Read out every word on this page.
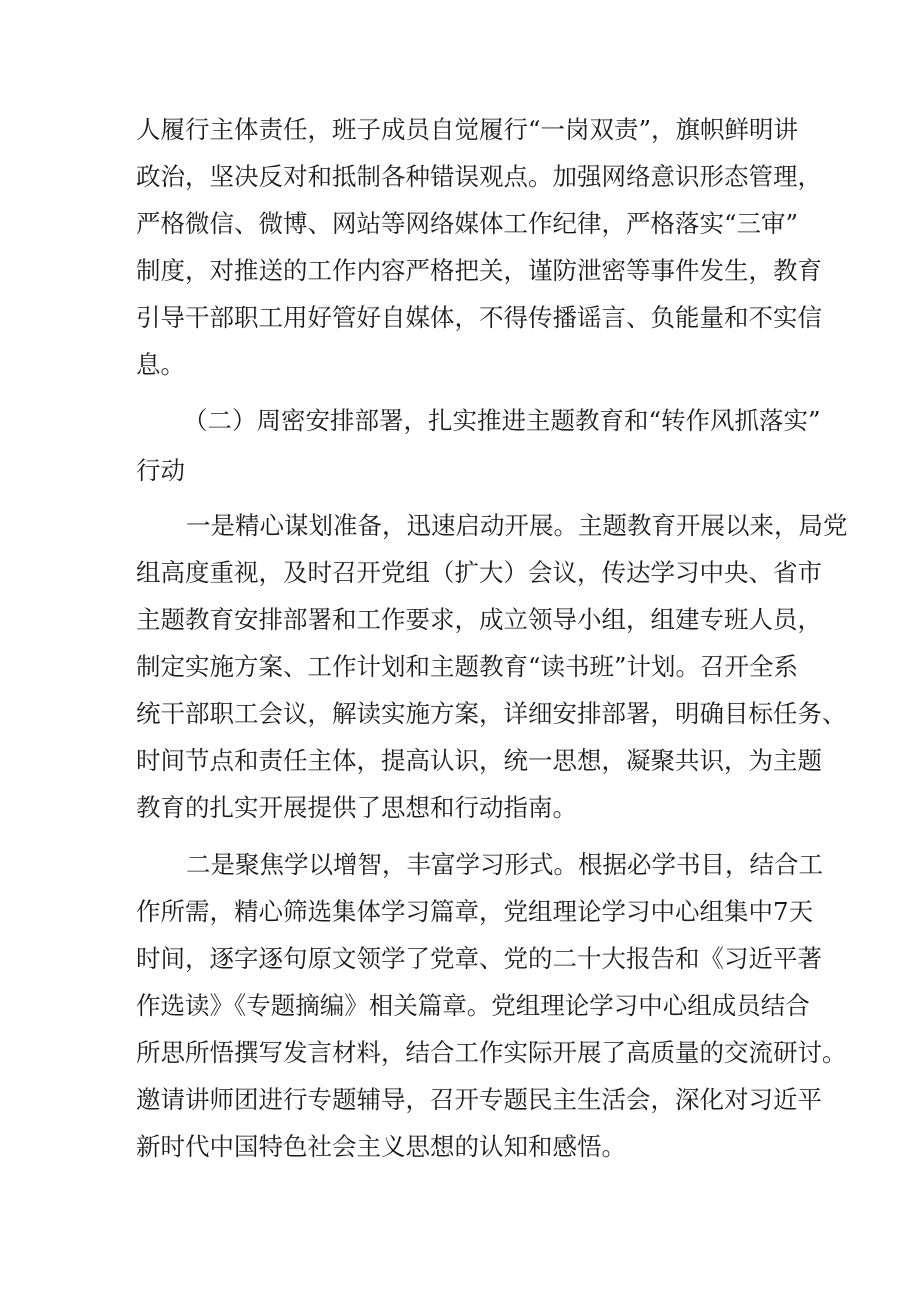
人履行主体责任，班子成员自觉履行“一岗双责”，旗帜鲜明讲
政治，坚决反对和抵制各种错误观点。加强网络意识形态管理，
严格微信、微博、网站等网络媒体工作纪律，严格落实“三审”
制度，对推送的工作内容严格把关，谨防泄密等事件发生，教育
引导干部职工用好管好自媒体，不得传播谣言、负能量和不实信
息。
（二）周密安排部署，扎实推进主题教育和“转作风抓落实”
行动
一是精心谋划准备，迅速启动开展。主题教育开展以来，局党
组高度重视，及时召开党组（扩大）会议，传达学习中央、省市
主题教育安排部署和工作要求，成立领导小组，组建专班人员，
制定实施方案、工作计划和主题教育“读书班”计划。召开全系
统干部职工会议，解读实施方案，详细安排部署，明确目标任务、
时间节点和责任主体，提高认识，统一思想，凝聚共识，为主题
教育的扎实开展提供了思想和行动指南。
二是聚焦学以增智，丰富学习形式。根据必学书目，结合工
作所需，精心筛选集体学习篇章，党组理论学习中心组集中7天
时间，逐字逐句原文领学了党章、党的二十大报告和《习近平著
作选读》《专题摘编》相关篇章。党组理论学习中心组成员结合
所思所悟撰写发言材料，结合工作实际开展了高质量的交流研讨。
邀请讲师团进行专题辅导，召开专题民主生活会，深化对习近平
新时代中国特色社会主义思想的认知和感悟。
